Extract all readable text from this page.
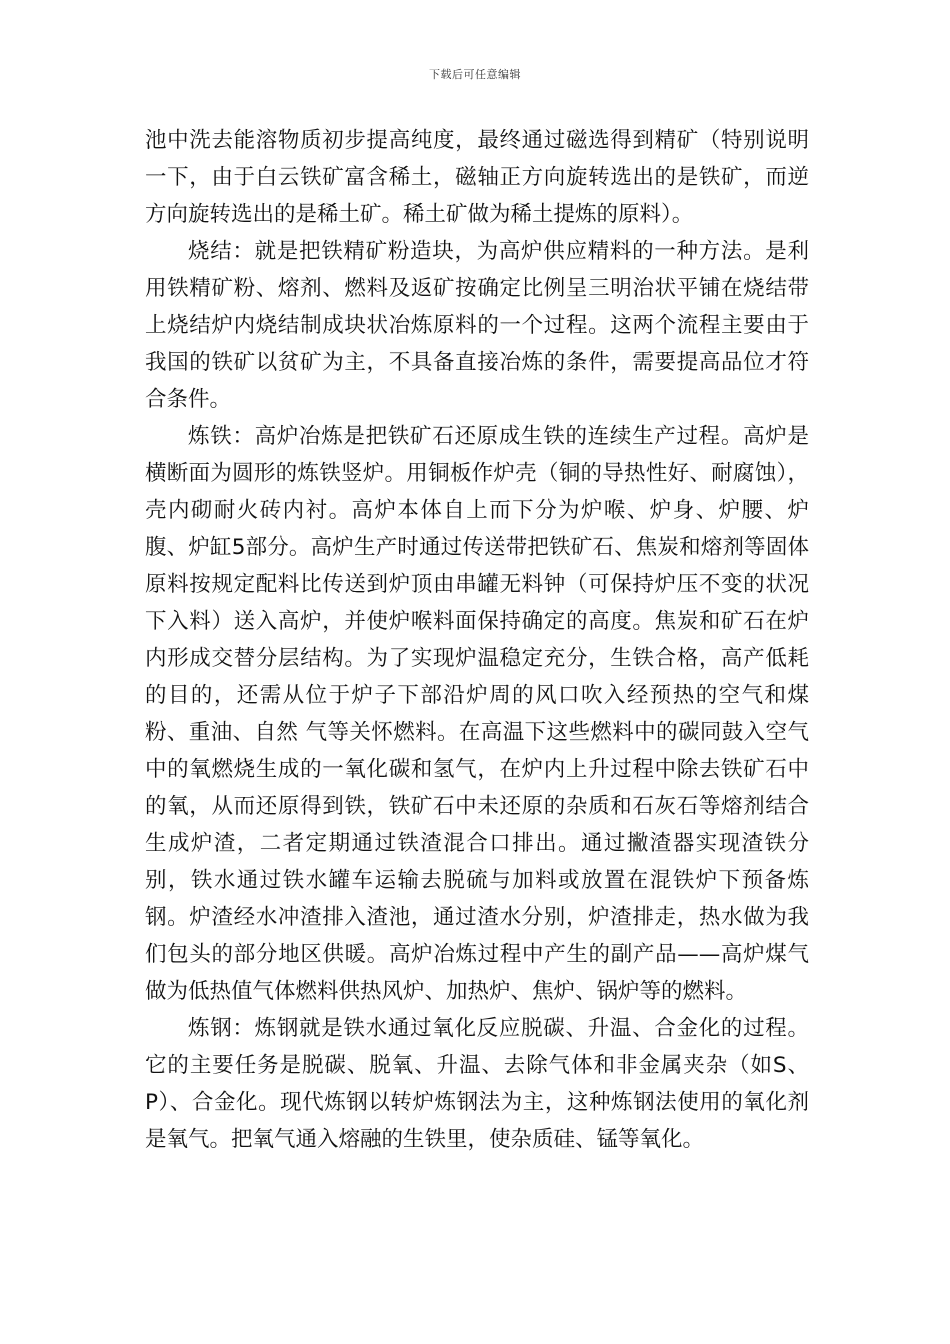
下载后可任意编辑

池中洗去能溶物质初步提高纯度，最终通过磁选得到精矿（特别说明一下，由于白云铁矿富含稀土，磁轴正方向旋转选出的是铁矿，而逆方向旋转选出的是稀土矿。稀土矿做为稀土提炼的原料）。

烧结：就是把铁精矿粉造块，为高炉供应精料的一种方法。是利用铁精矿粉、熔剂、燃料及返矿按确定比例呈三明治状平铺在烧结带上烧结炉内烧结制成块状冶炼原料的一个过程。这两个流程主要由于我国的铁矿以贫矿为主，不具备直接冶炼的条件，需要提高品位才符合条件。

炼铁：高炉冶炼是把铁矿石还原成生铁的连续生产过程。高炉是横断面为圆形的炼铁竖炉。用铜板作炉壳（铜的导热性好、耐腐蚀），壳内砌耐火砖内衬。高炉本体自上而下分为炉喉、炉身、炉腰、炉腹、炉缸5部分。高炉生产时通过传送带把铁矿石、焦炭和熔剂等固体原料按规定配料比传送到炉顶由串罐无料钟（可保持炉压不变的状况下入料）送入高炉，并使炉喉料面保持确定的高度。焦炭和矿石在炉内形成交替分层结构。为了实现炉温稳定充分，生铁合格，高产低耗的目的，还需从位于炉子下部沿炉周的风口吹入经预热的空气和煤粉、重油、自然 气等关怀燃料。在高温下这些燃料中的碳同鼓入空气中的氧燃烧生成的一氧化碳和氢气，在炉内上升过程中除去铁矿石中的氧，从而还原得到铁，铁矿石中未还原的杂质和石灰石等熔剂结合生成炉渣，二者定期通过铁渣混合口排出。通过撇渣器实现渣铁分别，铁水通过铁水罐车运输去脱硫与加料或放置在混铁炉下预备炼钢。炉渣经水冲渣排入渣池，通过渣水分别，炉渣排走，热水做为我们包头的部分地区供暖。高炉冶炼过程中产生的副产品——高炉煤气做为低热值气体燃料供热风炉、加热炉、焦炉、锅炉等的燃料。

炼钢：炼钢就是铁水通过氧化反应脱碳、升温、合金化的过程。它的主要任务是脱碳、脱氧、升温、去除气体和非金属夹杂（如S、P）、合金化。现代炼钢以转炉炼钢法为主，这种炼钢法使用的氧化剂是氧气。把氧气通入熔融的生铁里，使杂质硅、锰等氧化。
